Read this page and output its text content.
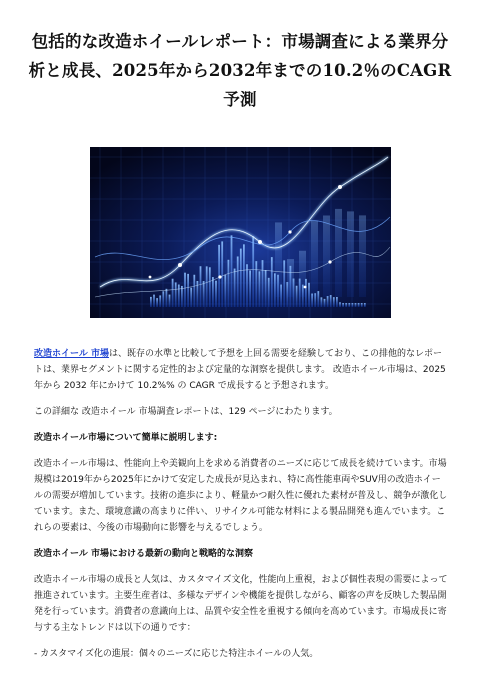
包括的な改造ホイールレポート：市場調査による業界分析と成長、2025年から2032年までの10.2％のCAGR予測

改造ホイール 市場は、既存の水準と比較して予想を上回る需要を経験しており、この排他的なレポートは、業界セグメントに関する定性的および定量的な洞察を提供します。 改造ホイール市場は、2025 年から 2032 年にかけて 10.2%% の CAGR で成長すると予想されます。

この詳細な 改造ホイール 市場調査レポートは、129 ページにわたります。

改造ホイール市場について簡単に説明します:

改造ホイール市場は、性能向上や美観向上を求める消費者のニーズに応じて成長を続けています。市場規模は2019年から2025年にかけて安定した成長が見込まれ、特に高性能車両やSUV用の改造ホイールの需要が増加しています。技術の進歩により、軽量かつ耐久性に優れた素材が普及し、競争が激化しています。また、環境意識の高まりに伴い、リサイクル可能な材料による製品開発も進んでいます。これらの要素は、今後の市場動向に影響を与えるでしょう。

改造ホイール 市場における最新の動向と戦略的な洞察

改造ホイール市場の成長と人気は、カスタマイズ文化，性能向上重視，および個性表現の需要によって推進されています。主要生産者は、多様なデザインや機能を提供しながら、顧客の声を反映した製品開発を行っています。消費者の意識向上は、品質や安全性を重視する傾向を高めています。市場成長に寄与する主なトレンドは以下の通りです：

- カスタマイズ化の進展：個々のニーズに応じた特注ホイールの人気。
